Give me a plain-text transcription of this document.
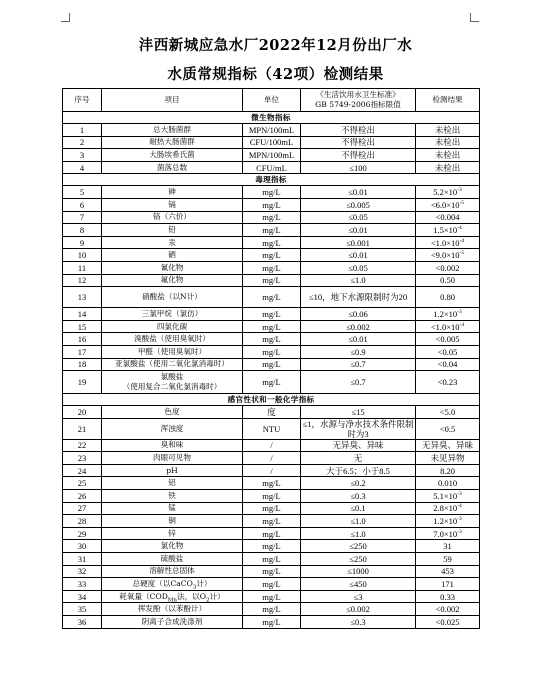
沣西新城应急水厂2022年12月份出厂水
水质常规指标（42项）检测结果
序号	项目	单位	《生活饮用水卫生标准》
GB 5749-2006指标限值	检测结果
微生物指标				
1	总大肠菌群	MPN/100mL	不得检出	未检出
2	耐热大肠菌群	CFU/100mL	不得检出	未检出
3	大肠埃希氏菌	MPN/100mL	不得检出	未检出
4	菌落总数	CFU/mL	≤100	未检出
毒理指标				
5	砷	mg/L	≤0.01	$5.2\times 10^{-3}$
6	镉	mg/L	≤0.005	$<6.0\times 10^{-5}$
7	铬（六价）	mg/L	≤0.05	<0.004
8	铅	mg/L	≤0.01	$1.5\times 10^{-4}$
9	汞	mg/L	≤0.001	$<1.0\times 10^{-4}$
10	硒	mg/L	≤0.01	$<9.0\times 10^{-5}$
11	氰化物	mg/L	≤0.05	<0.002
12	氟化物	mg/L	≤1.0	0.50
13	硝酸盐（以N计）	mg/L	≤10，地下水源限制时为20	0.80
14	三氯甲烷（氯仿）	mg/L	≤0.06	$1.2\times 10^{-3}$
15	四氯化碳	mg/L	≤0.002	$<1.0\times 10^{-4}$
16	溴酸盐（使用臭氧时）	mg/L	≤0.01	<0.005
17	甲醛（使用臭氧时）	mg/L	≤0.9	<0.05
18	亚氯酸盐（使用二氧化氯消毒时）	mg/L	≤0.7	<0.04
19	氯酸盐
（使用复合二氧化氯消毒时）	mg/L	≤0.7	<0.23
感官性状和一般化学指标				
20	色度	度	≤15	<5.0
21	浑浊度	NTU	≤1，水源与净水技术条件限制时为3	<0.5
22	臭和味	/	无异臭、异味	无异臭、异味
23	肉眼可见物	/	无	未见异物
24	pH	/	大于6.5；小于8.5	8.20
25	铝	mg/L	≤0.2	0.010
26	铁	mg/L	≤0.3	$5.1\times 10^{-3}$
27	锰	mg/L	≤0.1	$2.8\times 10^{-4}$
28	铜	mg/L	≤1.0	$1.2\times 10^{-3}$
29	锌	mg/L	≤1.0	$7.0\times 10^{-3}$
30	氯化物	mg/L	≤250	31
31	硫酸盐	mg/L	≤250	59
32	溶解性总固体	mg/L	≤1000	453
33	总硬度（以CaCO$_3$计）	mg/L	≤450	171
34	耗氧量（$COD_{Mn}$法，以$O_2$计）	mg/L	≤3	0.33
35	挥发酚（以苯酚计）	mg/L	≤0.002	<0.002
36	阴离子合成洗涤剂	mg/L	≤0.3	<0.025
